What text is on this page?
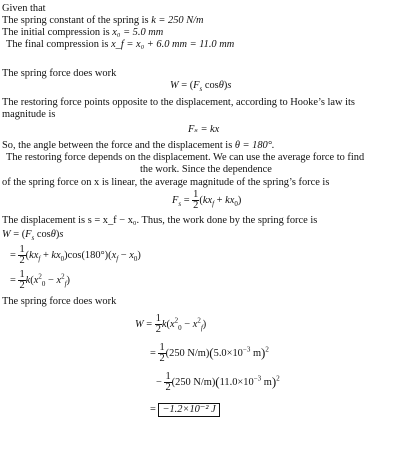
Given that
The spring constant of the spring is k = 250 N/m
The initial compression is x₀ = 5.0 mm
The final compression is x_f = x₀ + 6.0 mm = 11.0 mm
The spring force does work
$W = (F_s$ cosθ)s
The restoring force points opposite to the displacement, according to Hooke’s law its
magnitude is
Fₛ = kx
So, the angle between the force and the displacement is θ = 180°.
The restoring force depends on the displacement. We can use the average force to find
the work. Since the dependence
of the spring force on x is linear, the average magnitude of the spring’s force is
$F_s = \frac{1}{2} (kx_f + kx_0)$
The displacement is s = x_f − x₀. Thus, the work done by the spring force is
$W = (F_s$ cosθ)s
= $\frac{1}{2} (kx_f + kx_0)\cos(180^\circ)(x_f - x_0)$
= $\frac{1}{2} k(x^2_0 - x^2_f)$
The spring force does work
$W = \frac{1}{2} k(x^2_0 - x^2_f)$
= $\frac{1}{2} (250$ $N/m)(5.0\times 10^{-3}$ m)$^2$
− $\frac{1}{2} (250$ $N/m)(11.0\times 10^{-3}$ m)$^2$
= −1.2×10⁻² J
